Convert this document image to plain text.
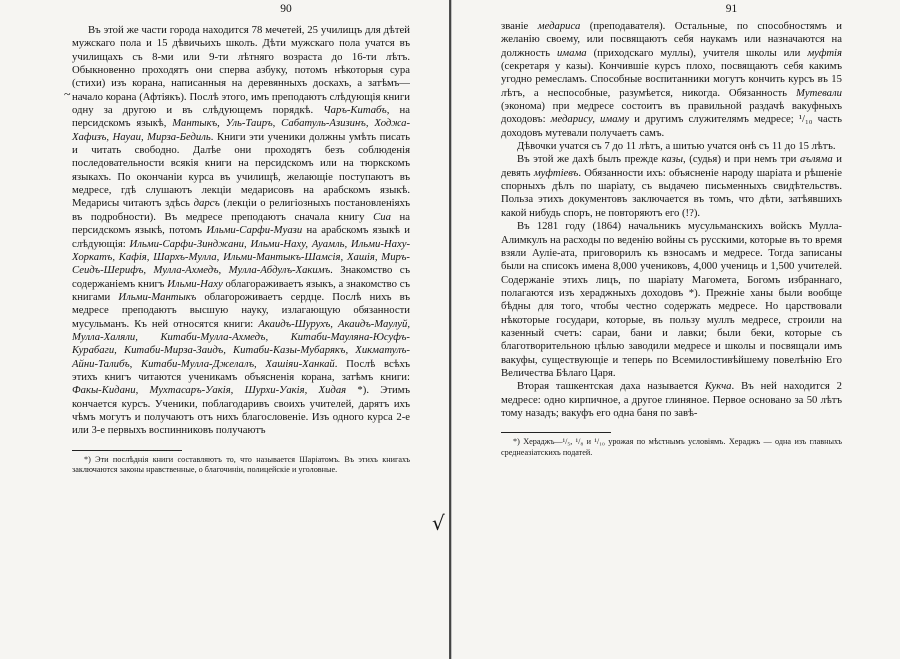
90

Въ этой же части города находится 78 мечетей, 25 училищъ для дѣтей мужскаго пола и 15 дѣвичьихъ школъ. Дѣти мужскаго пола учатся въ училищахъ съ 8-ми или 9-ти лѣтняго возраста до 16-ти лѣтъ. Обыкновенно проходятъ они сперва азбуку, потомъ нѣкоторыя сура (стихи) изъ корана, написанныя на деревянныхъ доскахъ, а затѣмъ—начало корана (Афтіякъ). Послѣ этого, имъ преподаютъ слѣдующія книги одну за другою и въ слѣдующемъ порядкѣ. Чаръ-Китабъ, на персидскомъ языкѣ, Мантыкъ, Уль-Таиръ, Сабатуль-Азизинъ, Ходжа-Хафизъ, Науаи, Мирза-Бедиль. Книги эти ученики должны умѣть писать и читать свободно. Далѣе они проходятъ безъ соблюденія последовательности всякія книги на персидскомъ или на тюркскомъ языкахъ. По окончаніи курса въ училищѣ, желающіе поступаютъ въ медресе, гдѣ слушаютъ лекціи медарисовъ на арабскомъ языкѣ. Медарисы читаютъ здѣсь дарсъ (лекціи о религіозныхъ постановленіяхъ въ подробности). Въ медресе преподаютъ сначала книгу Сиа на персидскомъ языкѣ, потомъ Ильми-Сарфи-Муази на арабскомъ языкѣ и слѣдующія: Ильми-Сарфи-Зинджани, Ильми-Наху, Ауамль, Ильми-Наху-Хоркатъ, Кафія, Шархъ-Мулла, Ильми-Мантыкъ-Шамсія, Хашія, Миръ-Сеидъ-Шерифъ, Мулла-Ахмедъ, Мулла-Абдулъ-Хакимъ. Знакомство съ содержаніемъ книгъ Ильми-Наху облагораживаетъ языкъ, а знакомство съ книгами Ильми-Мантыкъ облагороживаетъ сердце. Послѣ нихъ въ медресе преподаютъ высшую науку, излагающую обязанности мусульманъ. Къ ней относятся книги: Акаидъ-Шурухъ, Акаидъ-Маулуй, Мулла-Халяли, Китаби-Мулла-Ахмедъ, Китаби-Мауляна-Юсуфъ-Курабаги, Китаби-Мирза-Заидъ, Китаби-Казы-Мубарякъ, Хикматулъ-Айни-Талибъ, Китаби-Мулла-Джелалъ, Хашіяи-Ханкай. Послѣ всѣхъ этихъ книгъ читаются ученикамъ объясненія корана, затѣмъ книги: Факы-Кидани, Мухтасаръ-Уакія, Шурхи-Уакія, Хидая *). Этимъ кончается курсъ. Ученики, поблагодаривъ своихъ учителей, дарятъ ихъ чѣмъ могутъ и получаютъ отъ нихъ благословеніе. Изъ одного курса 2-е или 3-е первыхъ воспинниковъ получаютъ

*) Эти послѣднія книги составляютъ то, что называется Шаріатомъ. Въ этихъ книгахъ заключаются законы нравственные, о благочиніи, полицейскіе и уголовные.

91

званіе медариса (преподавателя). Остальные, по способностямъ и желанію своему, или посвящаютъ себя наукамъ или назначаются на должность имама (приходскаго муллы), учителя школы или муфтія (секретаря у казы). Кончившіе курсъ плохо, посвящаютъ себя какимъ угодно ремесламъ. Способные воспитанники могутъ кончить курсъ въ 15 лѣтъ, а неспособные, разумѣется, никогда. Обязанность Мутевали (эконома) при медресе состоитъ въ правильной раздачѣ вакуфныхъ доходовъ: медарису, имаму и другимъ служителямъ медресе; ¹/₁₀ часть доходовъ мутевали получаетъ самъ.

Дѣвочки учатся съ 7 до 11 лѣтъ, а шитью учатся онѣ съ 11 до 15 лѣтъ.

Въ этой же дахѣ былъ прежде казы, (судья) и при немъ три аълямa и девять муфтіевъ. Обязанности ихъ: объясненіе народу шаріата и рѣшеніе спорныхъ дѣлъ по шаріату, съ выдачею письменныхъ свидѣтельствъ. Польза этихъ документовъ заключается въ томъ, что дѣти, затѣявшихъ какой нибудь споръ, не повторяютъ его (!?).

Въ 1281 году (1864) начальникъ мусульманскихъ войскъ Мулла-Алимкулъ на расходы по веденію войны съ русскими, которые въ то время взяли Ауліе-ата, приговорилъ къ взносамъ и медресе. Тогда записаны были на списокъ имена 8,000 учениковъ, 4,000 учениць и 1,500 учителей. Содержаніе этихъ лицъ, по шаріату Магомета, Богомъ избраннаго, полагаются изъ хераджныхъ доходовъ *). Прежніе ханы были вообще бѣдны для того, чтобы честно содержать медресе. Но царствовали нѣкоторые государи, которые, въ пользу муллъ медресе, строили на казенный счетъ: сараи, бани и лавки; были беки, которые съ благотворительною цѣлью заводили медресе и школы и посвящали имъ вакуфы, существующіе и теперь по Всемилостивѣйшему повелѣнію Его Величества Бѣлаго Царя.

Вторая ташкентская даха называется Кукча. Въ ней находится 2 медресе: одно кирпичное, а другое глиняное. Первое основано за 50 лѣтъ тому назадъ; вакуфъ его одна баня по завѣ-

*) Хераджъ—¹/₅, ¹/₈ и ¹/₁₀ урожая по мѣстнымъ условіямъ. Хераджъ — одна изъ главныхъ среднеазіатскихъ податей.

√
~
